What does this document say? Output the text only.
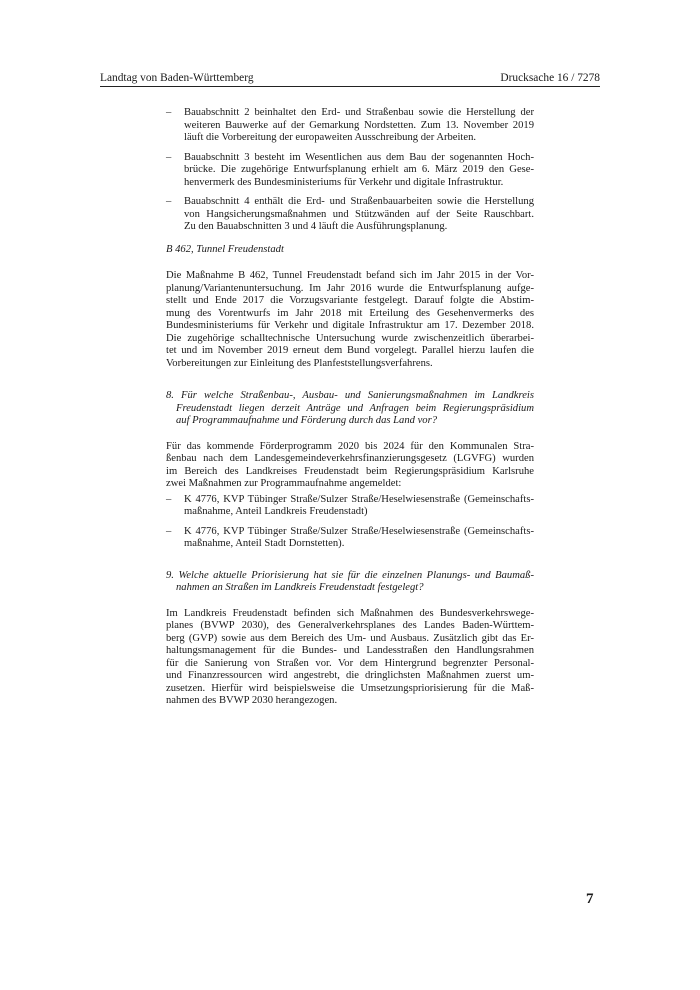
Landtag von Baden-Württemberg	Drucksache 16 / 7278
– Bauabschnitt 2 beinhaltet den Erd- und Straßenbau sowie die Herstellung der

weiteren Bauwerke auf der Gemarkung Nordstetten. Zum 13. November 2019

läuft die Vorbereitung der europaweiten Ausschreibung der Arbeiten.

– Bauabschnitt 3 besteht im Wesentlichen aus dem Bau der sogenannten Hoch-

brücke. Die zugehörige Entwurfsplanung erhielt am 6. März 2019 den Gese-

henvermerk des Bundesministeriums für Verkehr und digitale Infrastruktur.

– Bauabschnitt 4 enthält die Erd- und Straßenbauarbeiten sowie die Herstellung

von Hangsicherungsmaßnahmen und Stützwänden auf der Seite Rauschbart.

Zu den Bauabschnitten 3 und 4 läuft die Ausführungsplanung.

B 462, Tunnel Freudenstadt

Die Maßnahme B 462, Tunnel Freudenstadt befand sich im Jahr 2015 in der Vor-

planung/Variantenuntersuchung. Im Jahr 2016 wurde die Entwurfsplanung aufge-

stellt und Ende 2017 die Vorzugsvariante festgelegt. Darauf folgte die Abstim-

mung des Vorentwurfs im Jahr 2018 mit Erteilung des Gesehenvermerks des

Bundesministeriums für Verkehr und digitale Infrastruktur am 17. Dezember 2018.

Die zugehörige schalltechnische Untersuchung wurde zwischenzeitlich überarbei-

tet und im November 2019 erneut dem Bund vorgelegt. Parallel hierzu laufen die

Vorbereitungen zur Einleitung des Planfeststellungsverfahrens.

8. Für welche Straßenbau-, Ausbau- und Sanierungsmaßnahmen im Landkreis

Freudenstadt liegen derzeit Anträge und Anfragen beim Regierungspräsidium

auf Programmaufnahme und Förderung durch das Land vor?

Für das kommende Förderprogramm 2020 bis 2024 für den Kommunalen Stra-

ßenbau nach dem Landesgemeindeverkehrsfinanzierungsgesetz (LGVFG) wurden

im Bereich des Landkreises Freudenstadt beim Regierungspräsidium Karlsruhe

zwei Maßnahmen zur Programmaufnahme angemeldet:

– K 4776, KVP Tübinger Straße/Sulzer Straße/Heselwiesenstraße (Gemeinschafts-

maßnahme, Anteil Landkreis Freudenstadt)

– K 4776, KVP Tübinger Straße/Sulzer Straße/Heselwiesenstraße (Gemeinschafts-

maßnahme, Anteil Stadt Dornstetten).

9. Welche aktuelle Priorisierung hat sie für die einzelnen Planungs- und Baumaß-

nahmen an Straßen im Landkreis Freudenstadt festgelegt?

Im Landkreis Freudenstadt befinden sich Maßnahmen des Bundesverkehrswege-

planes (BVWP 2030), des Generalverkehrsplanes des Landes Baden-Württem-

berg (GVP) sowie aus dem Bereich des Um- und Ausbaus. Zusätzlich gibt das Er-

haltungsmanagement für die Bundes- und Landesstraßen den Handlungsrahmen

für die Sanierung von Straßen vor. Vor dem Hintergrund begrenzter Personal-

und Finanzressourcen wird angestrebt, die dringlichsten Maßnahmen zuerst um-

zusetzen. Hierfür wird beispielsweise die Umsetzungspriorisierung für die Maß-

nahmen des BVWP 2030 herangezogen.

7
